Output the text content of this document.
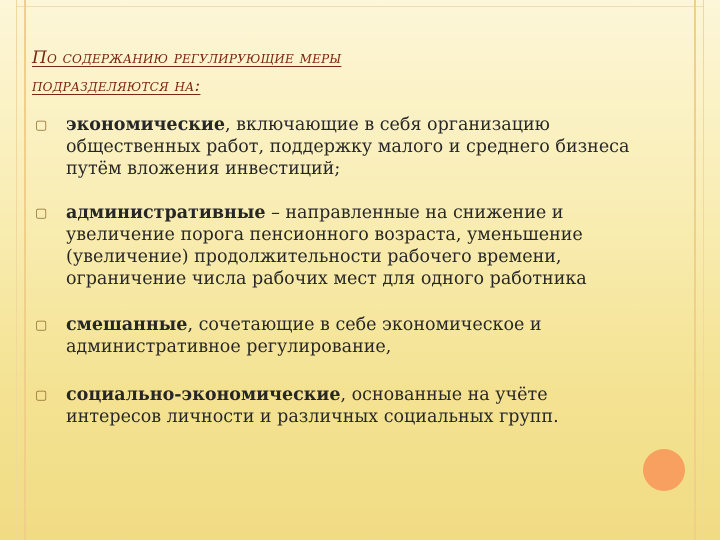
По содержанию регулирующие меры
подразделяются на:
▢ экономические, включающие в себя организацию общественных работ, поддержку малого и среднего бизнеса путём вложения инвестиций;
▢ административные – направленные на снижение и увеличение порога пенсионного возраста, уменьшение (увеличение) продолжительности рабочего времени, ограничение числа рабочих мест для одного работника
▢ смешанные, сочетающие в себе экономическое и административное регулирование,
▢ социально-экономические, основанные на учёте интересов личности и различных социальных групп.
